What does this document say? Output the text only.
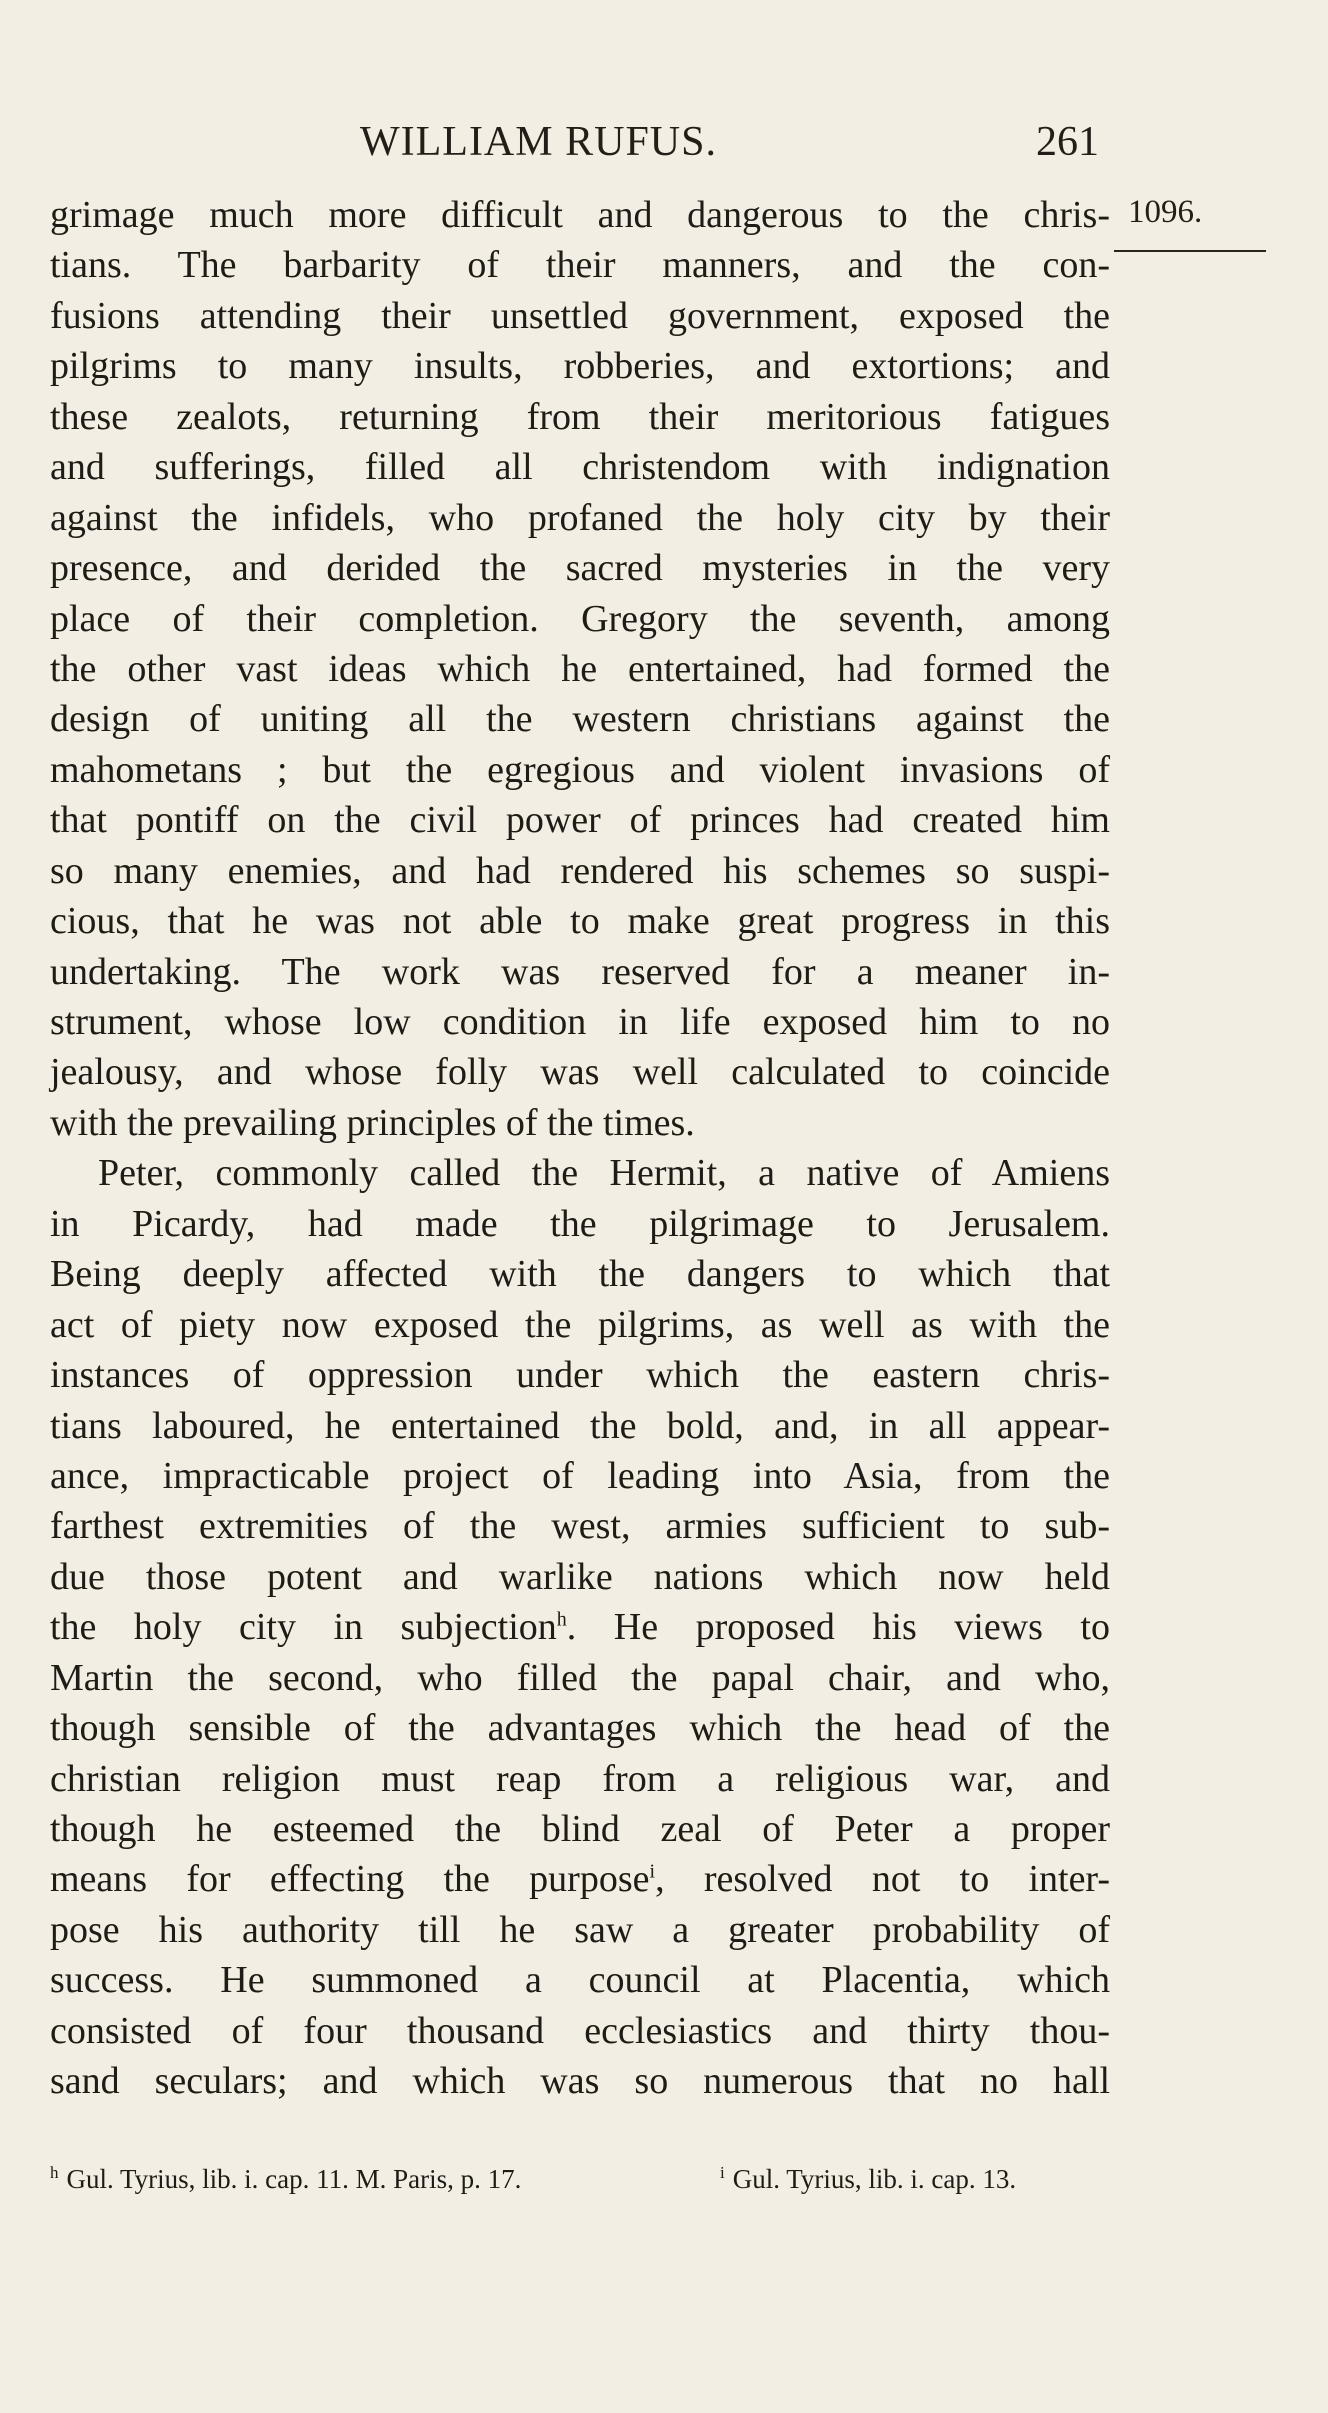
WILLIAM RUFUS.	261
1096.
grimage much more difficult and dangerous to the chris-
tians. The barbarity of their manners, and the con-
fusions attending their unsettled government, exposed the
pilgrims to many insults, robberies, and extortions; and
these zealots, returning from their meritorious fatigues
and sufferings, filled all christendom with indignation
against the infidels, who profaned the holy city by their
presence, and derided the sacred mysteries in the very
place of their completion. Gregory the seventh, among
the other vast ideas which he entertained, had formed the
design of uniting all the western christians against the
mahometans ; but the egregious and violent invasions of
that pontiff on the civil power of princes had created him
so many enemies, and had rendered his schemes so suspi-
cious, that he was not able to make great progress in this
undertaking. The work was reserved for a meaner in-
strument, whose low condition in life exposed him to no
jealousy, and whose folly was well calculated to coincide
with the prevailing principles of the times.
Peter, commonly called the Hermit, a native of Amiens
in Picardy, had made the pilgrimage to Jerusalem.
Being deeply affected with the dangers to which that
act of piety now exposed the pilgrims, as well as with the
instances of oppression under which the eastern chris-
tians laboured, he entertained the bold, and, in all appear-
ance, impracticable project of leading into Asia, from the
farthest extremities of the west, armies sufficient to sub-
due those potent and warlike nations which now held
the holy city in subjection$^h$. He proposed his views to
Martin the second, who filled the papal chair, and who,
though sensible of the advantages which the head of the
christian religion must reap from a religious war, and
though he esteemed the blind zeal of Peter a proper
means for effecting the purpose$^i$, resolved not to inter-
pose his authority till he saw a greater probability of
success. He summoned a council at Placentia, which
consisted of four thousand ecclesiastics and thirty thou-
sand seculars; and which was so numerous that no hall
$^h$ Gul. Tyrius, lib. i. cap. 11. M. Paris, p. 17.	$^i$ Gul. Tyrius, lib. i. cap. 13.
